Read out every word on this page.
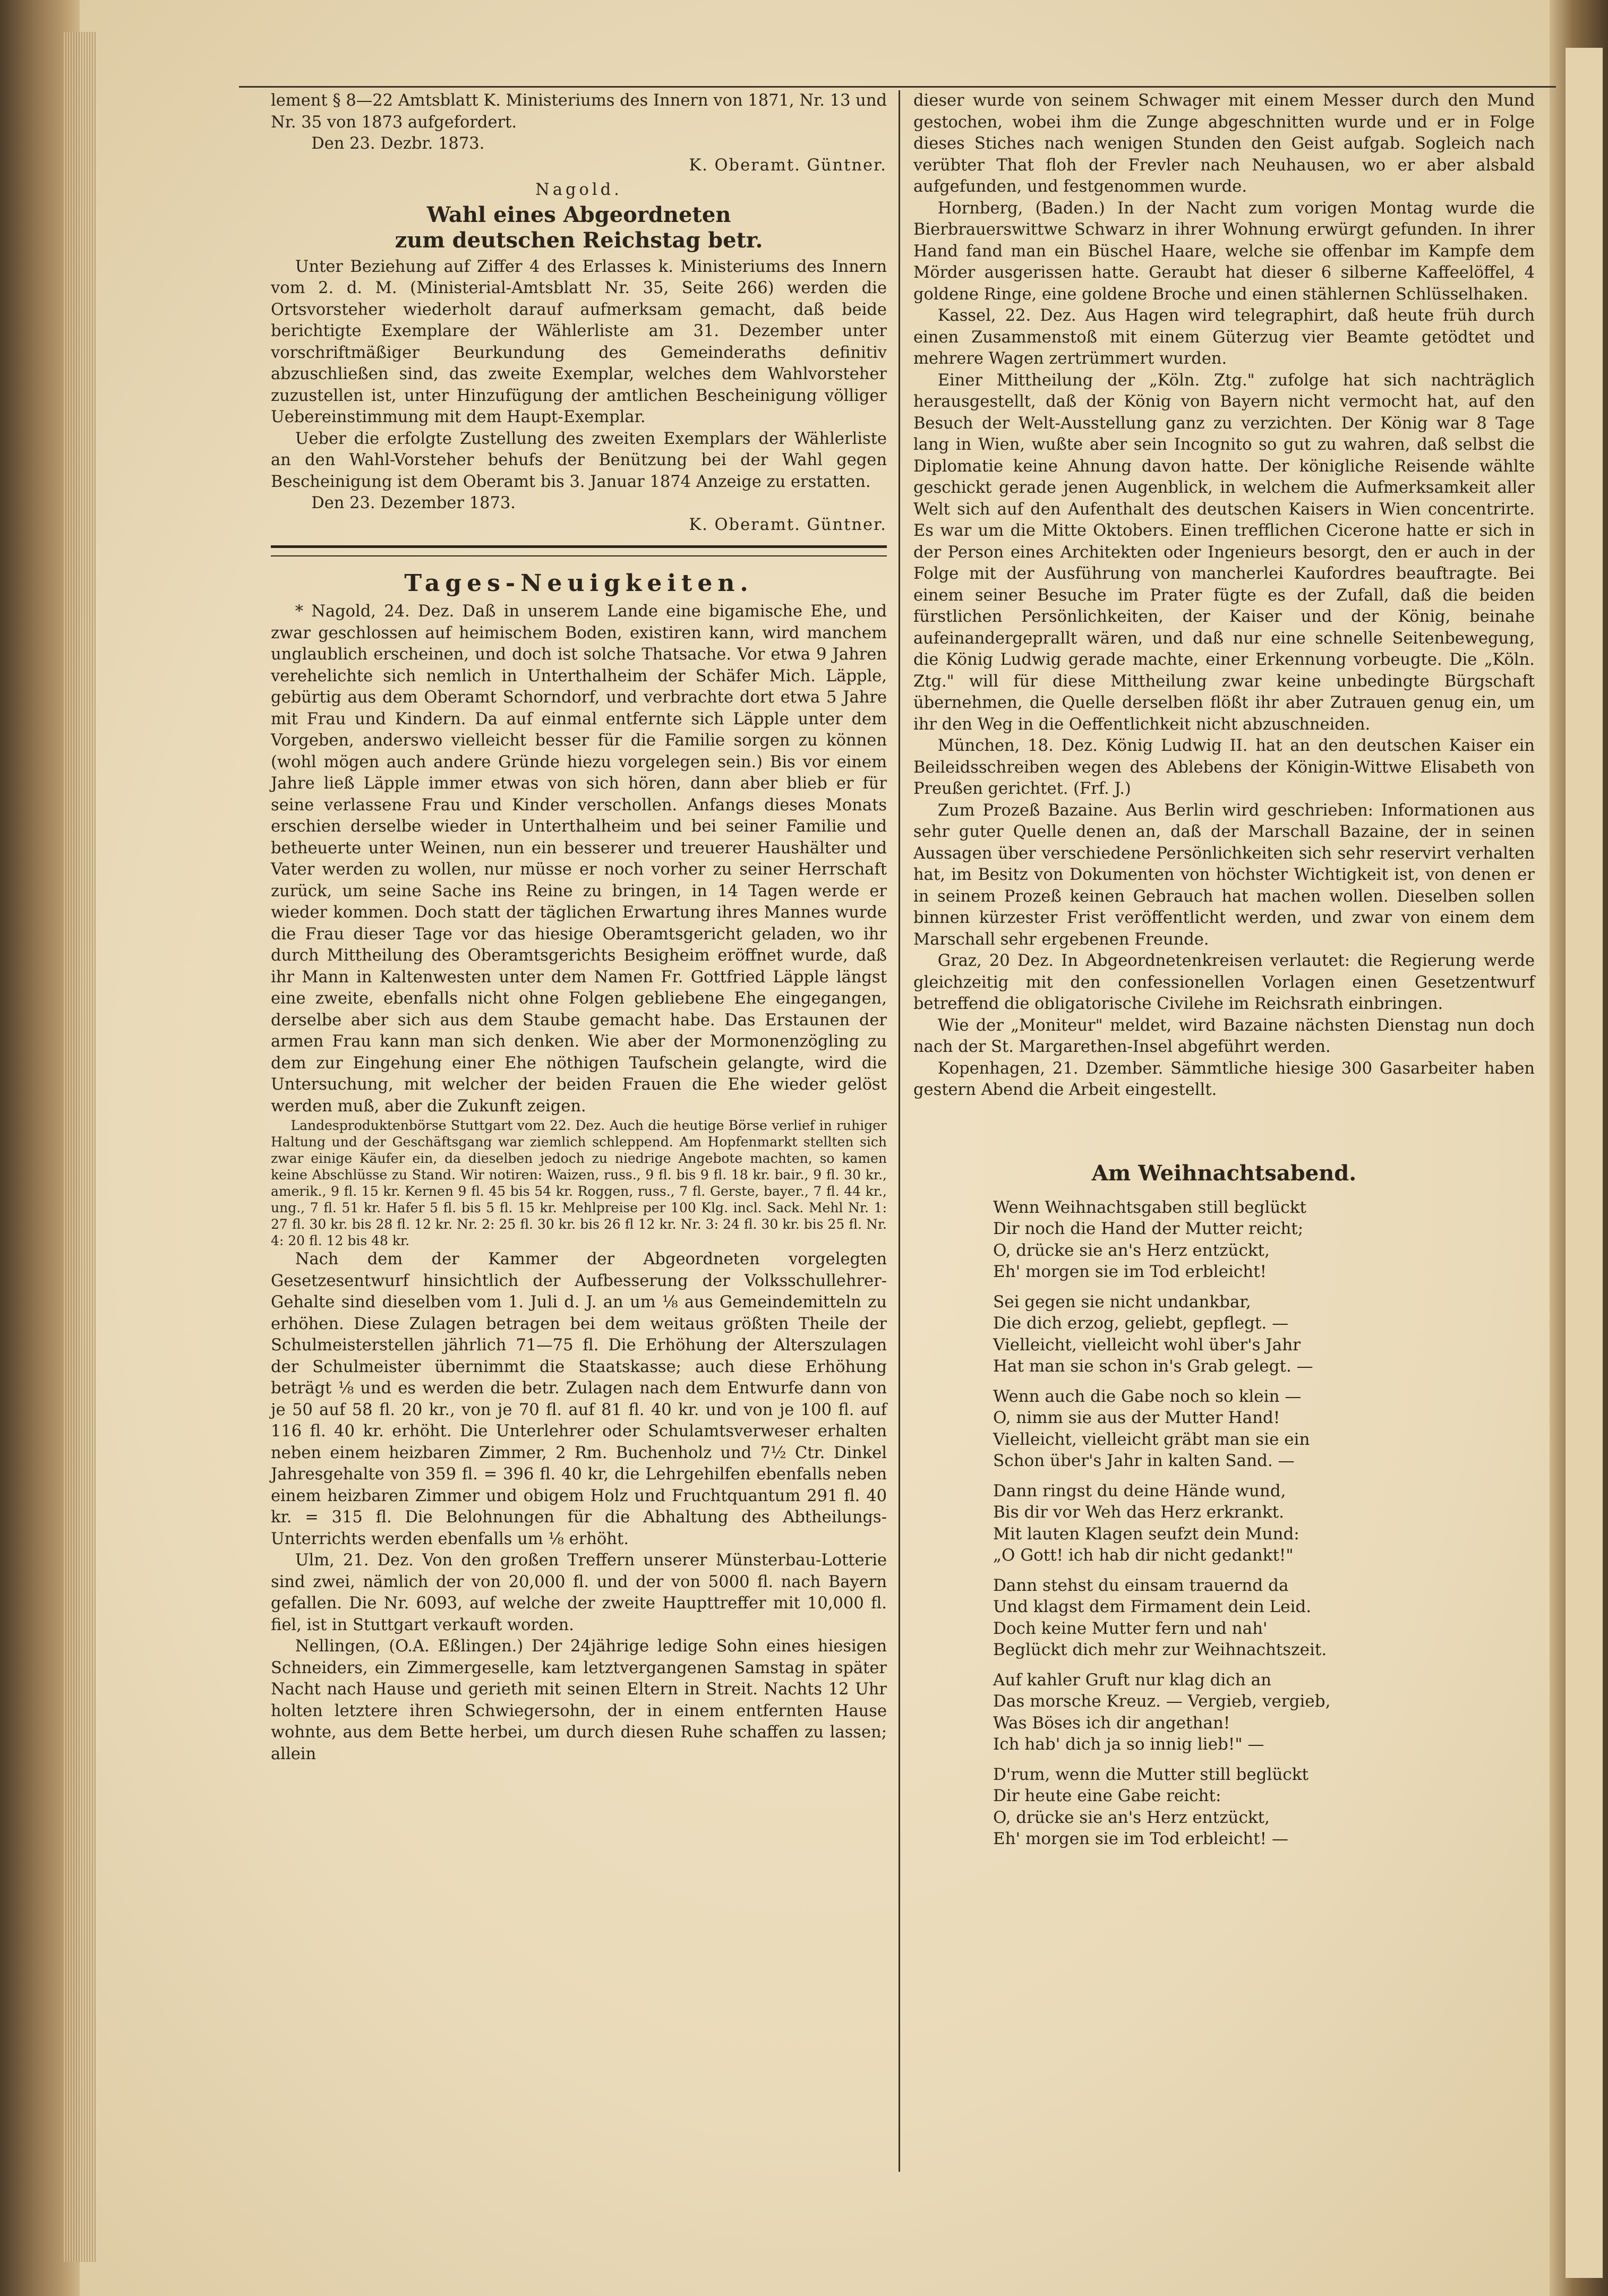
lement § 8—22 Amtsblatt K. Ministeriums des Innern von 1871, Nr. 13 und Nr. 35 von 1873 aufgefordert.

Den 23. Dezbr. 1873.

K. Oberamt. Güntner.

Nagold.

Wahl eines Abgeordneten

zum deutschen Reichstag betr.

Unter Beziehung auf Ziffer 4 des Erlasses k. Ministeriums des Innern vom 2. d. M. (Ministerial-Amtsblatt Nr. 35, Seite 266) werden die Ortsvorsteher wiederholt darauf aufmerksam gemacht, daß beide berichtigte Exemplare der Wählerliste am 31. Dezember unter vorschriftmäßiger Beurkundung des Gemeinderaths definitiv abzuschließen sind, das zweite Exemplar, welches dem Wahlvorsteher zuzustellen ist, unter Hinzufügung der amtlichen Bescheinigung völliger Uebereinstimmung mit dem Haupt-Exemplar.

Ueber die erfolgte Zustellung des zweiten Exemplars der Wählerliste an den Wahl-Vorsteher behufs der Benützung bei der Wahl gegen Bescheinigung ist dem Oberamt bis 3. Januar 1874 Anzeige zu erstatten.

Den 23. Dezember 1873.

K. Oberamt. Güntner.

Tages-Neuigkeiten.

* Nagold, 24. Dez. Daß in unserem Lande eine bigamische Ehe, und zwar geschlossen auf heimischem Boden, existiren kann, wird manchem unglaublich erscheinen, und doch ist solche Thatsache. Vor etwa 9 Jahren verehelichte sich nemlich in Unterthalheim der Schäfer Mich. Läpple, gebürtig aus dem Oberamt Schorndorf, und verbrachte dort etwa 5 Jahre mit Frau und Kindern. Da auf einmal entfernte sich Läpple unter dem Vorgeben, anderswo vielleicht besser für die Familie sorgen zu können (wohl mögen auch andere Gründe hiezu vorgelegen sein.) Bis vor einem Jahre ließ Läpple immer etwas von sich hören, dann aber blieb er für seine verlassene Frau und Kinder verschollen. Anfangs dieses Monats erschien derselbe wieder in Unterthalheim und bei seiner Familie und betheuerte unter Weinen, nun ein besserer und treuerer Haushälter und Vater werden zu wollen, nur müsse er noch vorher zu seiner Herrschaft zurück, um seine Sache ins Reine zu bringen, in 14 Tagen werde er wieder kommen. Doch statt der täglichen Erwartung ihres Mannes wurde die Frau dieser Tage vor das hiesige Oberamtsgericht geladen, wo ihr durch Mittheilung des Oberamtsgerichts Besigheim eröffnet wurde, daß ihr Mann in Kaltenwesten unter dem Namen Fr. Gottfried Läpple längst eine zweite, ebenfalls nicht ohne Folgen gebliebene Ehe eingegangen, derselbe aber sich aus dem Staube gemacht habe. Das Erstaunen der armen Frau kann man sich denken. Wie aber der Mormonenzögling zu dem zur Eingehung einer Ehe nöthigen Taufschein gelangte, wird die Untersuchung, mit welcher der beiden Frauen die Ehe wieder gelöst werden muß, aber die Zukunft zeigen.

Landesproduktenbörse Stuttgart vom 22. Dez. Auch die heutige Börse verlief in ruhiger Haltung und der Geschäftsgang war ziemlich schleppend. Am Hopfenmarkt stellten sich zwar einige Käufer ein, da dieselben jedoch zu niedrige Angebote machten, so kamen keine Abschlüsse zu Stand. Wir notiren: Waizen, russ., 9 fl. bis 9 fl. 18 kr. bair., 9 fl. 30 kr., amerik., 9 fl. 15 kr. Kernen 9 fl. 45 bis 54 kr. Roggen, russ., 7 fl. Gerste, bayer., 7 fl. 44 kr., ung., 7 fl. 51 kr. Hafer 5 fl. bis 5 fl. 15 kr. Mehlpreise per 100 Klg. incl. Sack. Mehl Nr. 1: 27 fl. 30 kr. bis 28 fl. 12 kr. Nr. 2: 25 fl. 30 kr. bis 26 fl 12 kr. Nr. 3: 24 fl. 30 kr. bis 25 fl. Nr. 4: 20 fl. 12 bis 48 kr.

Nach dem der Kammer der Abgeordneten vorgelegten Gesetzesentwurf hinsichtlich der Aufbesserung der Volksschullehrer-Gehalte sind dieselben vom 1. Juli d. J. an um ⅛ aus Gemeindemitteln zu erhöhen. Diese Zulagen betragen bei dem weitaus größten Theile der Schulmeisterstellen jährlich 71—75 fl. Die Erhöhung der Alterszulagen der Schulmeister übernimmt die Staatskasse; auch diese Erhöhung beträgt ⅛ und es werden die betr. Zulagen nach dem Entwurfe dann von je 50 auf 58 fl. 20 kr., von je 70 fl. auf 81 fl. 40 kr. und von je 100 fl. auf 116 fl. 40 kr. erhöht. Die Unterlehrer oder Schulamtsverweser erhalten neben einem heizbaren Zimmer, 2 Rm. Buchenholz und 7½ Ctr. Dinkel Jahresgehalte von 359 fl. = 396 fl. 40 kr, die Lehrgehilfen ebenfalls neben einem heizbaren Zimmer und obigem Holz und Fruchtquantum 291 fl. 40 kr. = 315 fl. Die Belohnungen für die Abhaltung des Abtheilungs-Unterrichts werden ebenfalls um ⅛ erhöht.

Ulm, 21. Dez. Von den großen Treffern unserer Münsterbau-Lotterie sind zwei, nämlich der von 20,000 fl. und der von 5000 fl. nach Bayern gefallen. Die Nr. 6093, auf welche der zweite Haupttreffer mit 10,000 fl. fiel, ist in Stuttgart verkauft worden.

Nellingen, (O.A. Eßlingen.) Der 24jährige ledige Sohn eines hiesigen Schneiders, ein Zimmergeselle, kam letztvergangenen Samstag in später Nacht nach Hause und gerieth mit seinen Eltern in Streit. Nachts 12 Uhr holten letztere ihren Schwiegersohn, der in einem entfernten Hause wohnte, aus dem Bette herbei, um durch diesen Ruhe schaffen zu lassen; allein

dieser wurde von seinem Schwager mit einem Messer durch den Mund gestochen, wobei ihm die Zunge abgeschnitten wurde und er in Folge dieses Stiches nach wenigen Stunden den Geist aufgab. Sogleich nach verübter That floh der Frevler nach Neuhausen, wo er aber alsbald aufgefunden, und festgenommen wurde.

Hornberg, (Baden.) In der Nacht zum vorigen Montag wurde die Bierbrauerswittwe Schwarz in ihrer Wohnung erwürgt gefunden. In ihrer Hand fand man ein Büschel Haare, welche sie offenbar im Kampfe dem Mörder ausgerissen hatte. Geraubt hat dieser 6 silberne Kaffeelöffel, 4 goldene Ringe, eine goldene Broche und einen stählernen Schlüsselhaken.

Kassel, 22. Dez. Aus Hagen wird telegraphirt, daß heute früh durch einen Zusammenstoß mit einem Güterzug vier Beamte getödtet und mehrere Wagen zertrümmert wurden.

Einer Mittheilung der „Köln. Ztg." zufolge hat sich nachträglich herausgestellt, daß der König von Bayern nicht vermocht hat, auf den Besuch der Welt-Ausstellung ganz zu verzichten. Der König war 8 Tage lang in Wien, wußte aber sein Incognito so gut zu wahren, daß selbst die Diplomatie keine Ahnung davon hatte. Der königliche Reisende wählte geschickt gerade jenen Augenblick, in welchem die Aufmerksamkeit aller Welt sich auf den Aufenthalt des deutschen Kaisers in Wien concentrirte. Es war um die Mitte Oktobers. Einen trefflichen Cicerone hatte er sich in der Person eines Architekten oder Ingenieurs besorgt, den er auch in der Folge mit der Ausführung von mancherlei Kaufordres beauftragte. Bei einem seiner Besuche im Prater fügte es der Zufall, daß die beiden fürstlichen Persönlichkeiten, der Kaiser und der König, beinahe aufeinandergeprallt wären, und daß nur eine schnelle Seitenbewegung, die König Ludwig gerade machte, einer Erkennung vorbeugte. Die „Köln. Ztg." will für diese Mittheilung zwar keine unbedingte Bürgschaft übernehmen, die Quelle derselben flößt ihr aber Zutrauen genug ein, um ihr den Weg in die Oeffentlichkeit nicht abzuschneiden.

München, 18. Dez. König Ludwig II. hat an den deutschen Kaiser ein Beileidsschreiben wegen des Ablebens der Königin-Wittwe Elisabeth von Preußen gerichtet. (Frf. J.)

Zum Prozeß Bazaine. Aus Berlin wird geschrieben: Informationen aus sehr guter Quelle denen an, daß der Marschall Bazaine, der in seinen Aussagen über verschiedene Persönlichkeiten sich sehr reservirt verhalten hat, im Besitz von Dokumenten von höchster Wichtigkeit ist, von denen er in seinem Prozeß keinen Gebrauch hat machen wollen. Dieselben sollen binnen kürzester Frist veröffentlicht werden, und zwar von einem dem Marschall sehr ergebenen Freunde.

Graz, 20 Dez. In Abgeordnetenkreisen verlautet: die Regierung werde gleichzeitig mit den confessionellen Vorlagen einen Gesetzentwurf betreffend die obligatorische Civilehe im Reichsrath einbringen.

Wie der „Moniteur" meldet, wird Bazaine nächsten Dienstag nun doch nach der St. Margarethen-Insel abgeführt werden.

Kopenhagen, 21. Dzember. Sämmtliche hiesige 300 Gasarbeiter haben gestern Abend die Arbeit eingestellt.

Am Weihnachtsabend.

Wenn Weihnachtsgaben still beglückt
Dir noch die Hand der Mutter reicht;
O, drücke sie an's Herz entzückt,
Eh' morgen sie im Tod erbleicht!
Sei gegen sie nicht undankbar,
Die dich erzog, geliebt, gepflegt. —
Vielleicht, vielleicht wohl über's Jahr
Hat man sie schon in's Grab gelegt. —
Wenn auch die Gabe noch so klein —
O, nimm sie aus der Mutter Hand!
Vielleicht, vielleicht gräbt man sie ein
Schon über's Jahr in kalten Sand. —
Dann ringst du deine Hände wund,
Bis dir vor Weh das Herz erkrankt.
Mit lauten Klagen seufzt dein Mund:
„O Gott! ich hab dir nicht gedankt!"
Dann stehst du einsam trauernd da
Und klagst dem Firmament dein Leid.
Doch keine Mutter fern und nah'
Beglückt dich mehr zur Weihnachtszeit.
Auf kahler Gruft nur klag dich an
Das morsche Kreuz. — Vergieb, vergieb,
Was Böses ich dir angethan!
Ich hab' dich ja so innig lieb!" —
D'rum, wenn die Mutter still beglückt
Dir heute eine Gabe reicht:
O, drücke sie an's Herz entzückt,
Eh' morgen sie im Tod erbleicht! —
